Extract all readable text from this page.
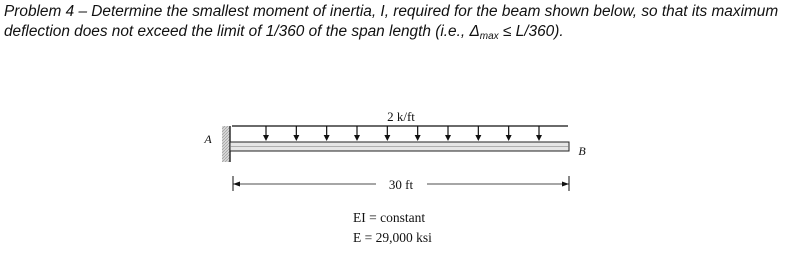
Problem 4 – Determine the smallest moment of inertia, I, required for the beam shown below, so that its maximum deflection does not exceed the limit of 1/360 of the span length (i.e., Δmax ≤ L/360).

2 k/ft
A
B
30 ft
EI = constant
E = 29,000 ksi
